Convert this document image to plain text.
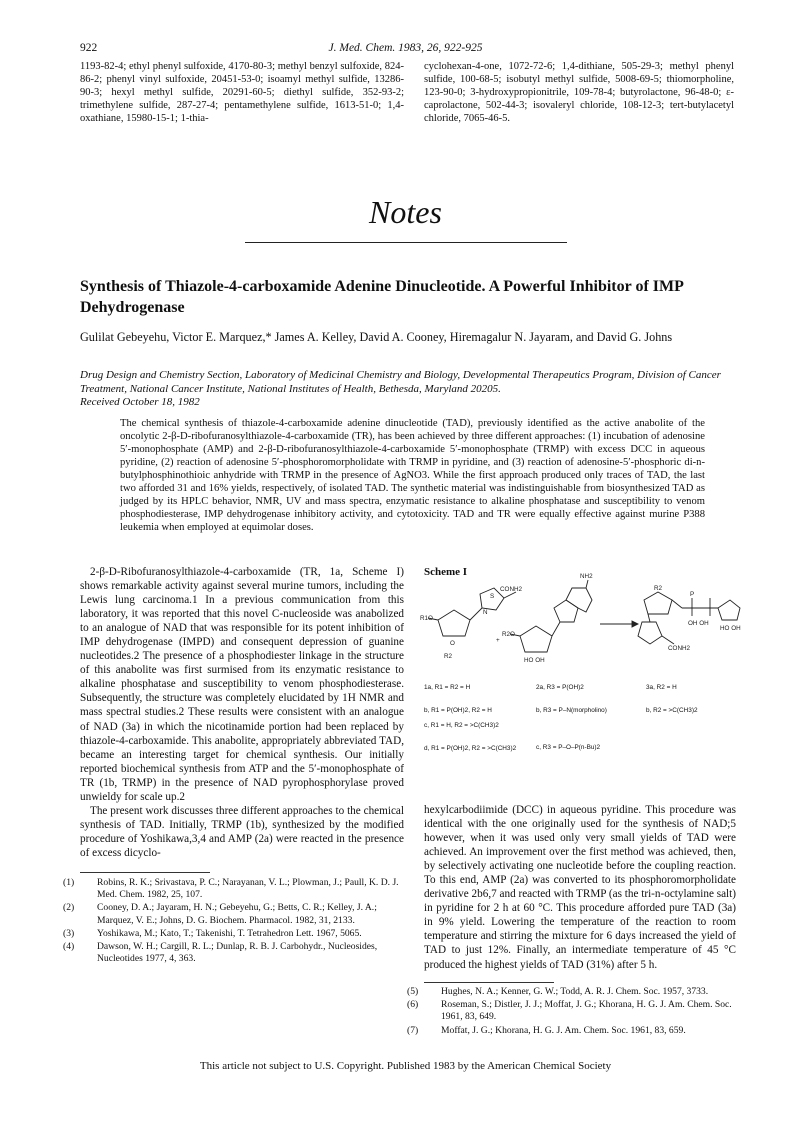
922	J. Med. Chem. 1983, 26, 922-925
1193-82-4; ethyl phenyl sulfoxide, 4170-80-3; methyl benzyl sulfoxide, 824-86-2; phenyl vinyl sulfoxide, 20451-53-0; isoamyl methyl sulfide, 13286-90-3; hexyl methyl sulfide, 20291-60-5; diethyl sulfide, 352-93-2; trimethylene sulfide, 287-27-4; pentamethylene sulfide, 1613-51-0; 1,4-oxathiane, 15980-15-1; 1-thia-
cyclohexan-4-one, 1072-72-6; 1,4-dithiane, 505-29-3; methyl phenyl sulfide, 100-68-5; isobutyl methyl sulfide, 5008-69-5; thiomorpholine, 123-90-0; 3-hydroxypropionitrile, 109-78-4; butyrolactone, 96-48-0; ε-caprolactone, 502-44-3; isovaleryl chloride, 108-12-3; tert-butylacetyl chloride, 7065-46-5.
Notes
Synthesis of Thiazole-4-carboxamide Adenine Dinucleotide. A Powerful Inhibitor of IMP Dehydrogenase
Gulilat Gebeyehu, Victor E. Marquez,* James A. Kelley, David A. Cooney, Hiremagalur N. Jayaram, and David G. Johns
Drug Design and Chemistry Section, Laboratory of Medicinal Chemistry and Biology, Developmental Therapeutics Program, Division of Cancer Treatment, National Cancer Institute, National Institutes of Health, Bethesda, Maryland 20205.
Received October 18, 1982
The chemical synthesis of thiazole-4-carboxamide adenine dinucleotide (TAD), previously identified as the active anabolite of the oncolytic 2-β-D-ribofuranosylthiazole-4-carboxamide (TR), has been achieved by three different approaches: (1) incubation of adenosine 5′-monophosphate (AMP) and 2-β-D-ribofuranosylthiazole-4-carboxamide 5′-monophosphate (TRMP) with excess DCC in aqueous pyridine, (2) reaction of adenosine 5′-phosphoromorpholidate with TRMP in pyridine, and (3) reaction of adenosine-5′-phosphoric di-n-butylphosphinothioic anhydride with TRMP in the presence of AgNO3. While the first approach produced only traces of TAD, the last two afforded 31 and 16% yields, respectively, of isolated TAD. The synthetic material was indistinguishable from biosynthesized TAD as judged by its HPLC behavior, NMR, UV and mass spectra, enzymatic resistance to alkaline phosphatase and susceptibility to venom phosphodiesterase, IMP dehydrogenase inhibitory activity, and cytotoxicity. TAD and TR were equally effective against murine P388 leukemia when employed at equimolar doses.

2-β-D-Ribofuranosylthiazole-4-carboxamide (TR, 1a, Scheme I) shows remarkable activity against several murine tumors, including the Lewis lung carcinoma.1 In a previous communication from this laboratory, it was reported that this novel C-nucleoside was anabolized to an analogue of NAD that was responsible for its potent inhibition of IMP dehydrogenase (IMPD) and consequent depression of guanine nucleotides.2 The presence of a phosphodiester linkage in the structure of this anabolite was first surmised from its enzymatic resistance to alkaline phosphatase and susceptibility to venom phosphodiesterase. Subsequently, the structure was completely elucidated by 1H NMR and mass spectral studies.2 These results were consistent with an analogue of NAD (3a) in which the nicotinamide portion had been replaced by thiazole-4-carboxamide. This anabolite, appropriately abbreviated TAD, became an interesting target for chemical synthesis. Our initially reported biochemical synthesis from ATP and the 5′-monophosphate of TR (1b, TRMP) in the presence of NAD pyrophosphorylase proved unwieldy for scale up.2

The present work discusses three different approaches to the chemical synthesis of TAD. Initially, TRMP (1b), synthesized by the modified procedure of Yoshikawa,3,4 and AMP (2a) were reacted in the presence of excess dicyclo-

(1) Robins, R. K.; Srivastava, P. C.; Narayanan, V. L.; Plowman, J.; Paull, K. D. J. Med. Chem. 1982, 25, 107.

(2) Cooney, D. A.; Jayaram, H. N.; Gebeyehu, G.; Betts, C. R.; Kelley, J. A.; Marquez, V. E.; Johns, D. G. Biochem. Pharmacol. 1982, 31, 2133.

(3) Yoshikawa, M.; Kato, T.; Takenishi, T. Tetrahedron Lett. 1967, 5065.

(4) Dawson, W. H.; Cargill, R. L.; Dunlap, R. B. J. Carbohydr., Nucleosides, Nucleotides 1977, 4, 363.

Scheme I
CONH2
R1O
S
N
O
R2
+
R2O
NH2
HO OH
R2
CONH2
OH OH
P
HO OH
1a, R1 = R2 = H
b, R1 = P(OH)2, R2 = H
c, R1 = H, R2 = >C(CH3)2
d, R1 = P(OH)2, R2 = >C(CH3)2
2a, R3 = P(OH)2
b, R3 = P–N(morpholino)
c, R3 = P–O–P(n-Bu)2
3a, R2 = H
b, R2 = >C(CH3)2
hexylcarbodiimide (DCC) in aqueous pyridine. This procedure was identical with the one originally used for the synthesis of NAD;5 however, when it was used only very small yields of TAD were achieved. An improvement over the first method was achieved, then, by selectively activating one nucleotide before the coupling reaction. To this end, AMP (2a) was converted to its phosphoromorpholidate derivative 2b6,7 and reacted with TRMP (as the tri-n-octylamine salt) in pyridine for 2 h at 60 °C. This procedure afforded pure TAD (3a) in 9% yield. Lowering the temperature of the reaction to room temperature and stirring the mixture for 6 days increased the yield of TAD to just 12%. Finally, an intermediate temperature of 45 °C produced the highest yields of TAD (31%) after 5 h.

(5) Hughes, N. A.; Kenner, G. W.; Todd, A. R. J. Chem. Soc. 1957, 3733.

(6) Roseman, S.; Distler, J. J.; Moffat, J. G.; Khorana, H. G. J. Am. Chem. Soc. 1961, 83, 649.

(7) Moffat, J. G.; Khorana, H. G. J. Am. Chem. Soc. 1961, 83, 659.

This article not subject to U.S. Copyright. Published 1983 by the American Chemical Society
